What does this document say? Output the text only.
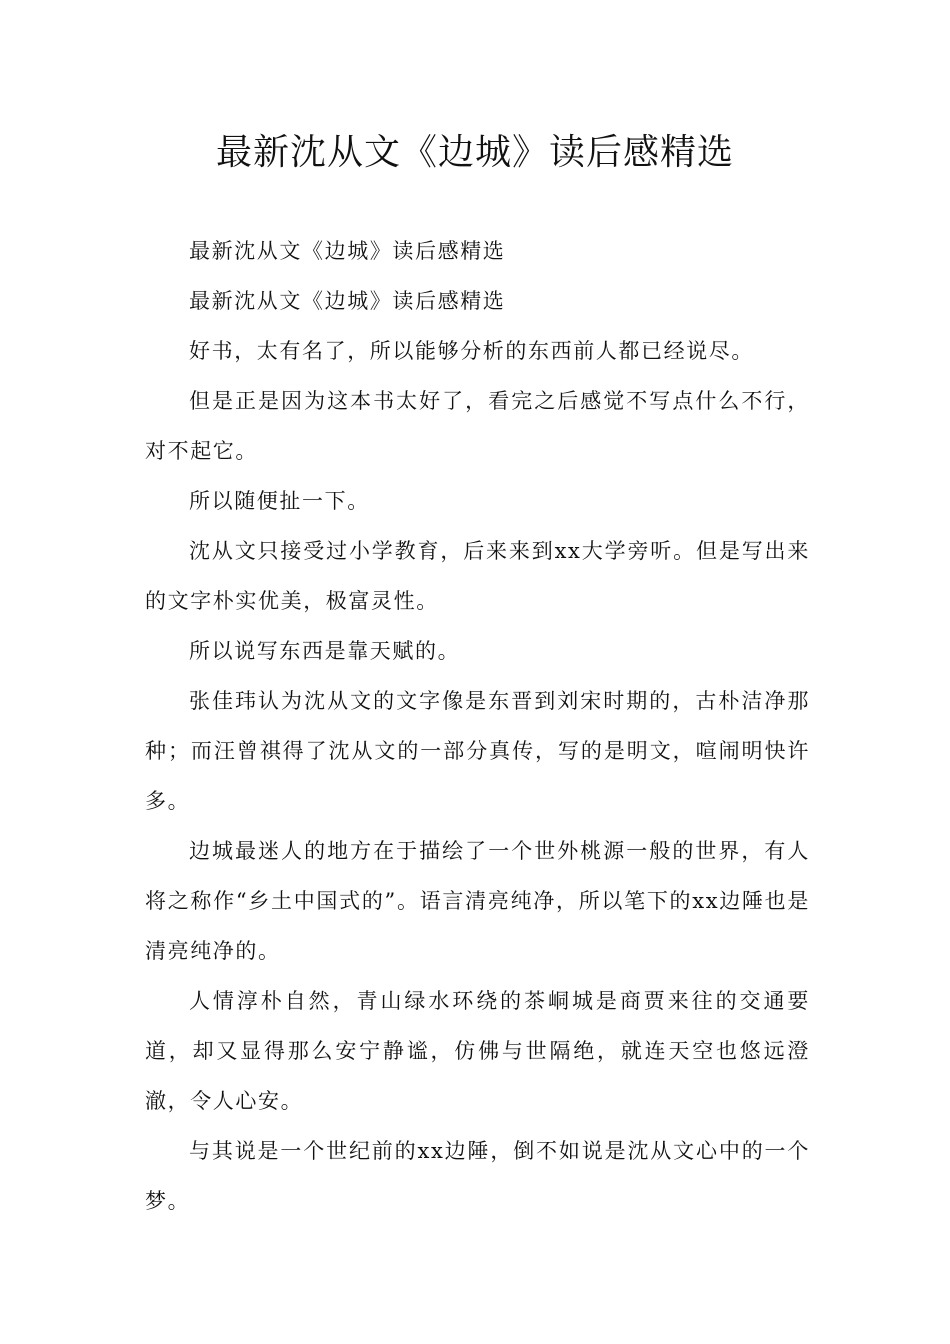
最新沈从文《边城》读后感精选

最新沈从文《边城》读后感精选

最新沈从文《边城》读后感精选

好书，太有名了，所以能够分析的东西前人都已经说尽。

但是正是因为这本书太好了，看完之后感觉不写点什么不行，对不起它。

所以随便扯一下。

沈从文只接受过小学教育，后来来到xx大学旁听。但是写出来的文字朴实优美，极富灵性。

所以说写东西是靠天赋的。

张佳玮认为沈从文的文字像是东晋到刘宋时期的，古朴洁净那种；而汪曾祺得了沈从文的一部分真传，写的是明文，喧闹明快许多。

边城最迷人的地方在于描绘了一个世外桃源一般的世界，有人将之称作“乡土中国式的”。语言清亮纯净，所以笔下的xx边陲也是清亮纯净的。

人情淳朴自然，青山绿水环绕的茶峒城是商贾来往的交通要道，却又显得那么安宁静谧，仿佛与世隔绝，就连天空也悠远澄澈，令人心安。

与其说是一个世纪前的xx边陲，倒不如说是沈从文心中的一个梦。
